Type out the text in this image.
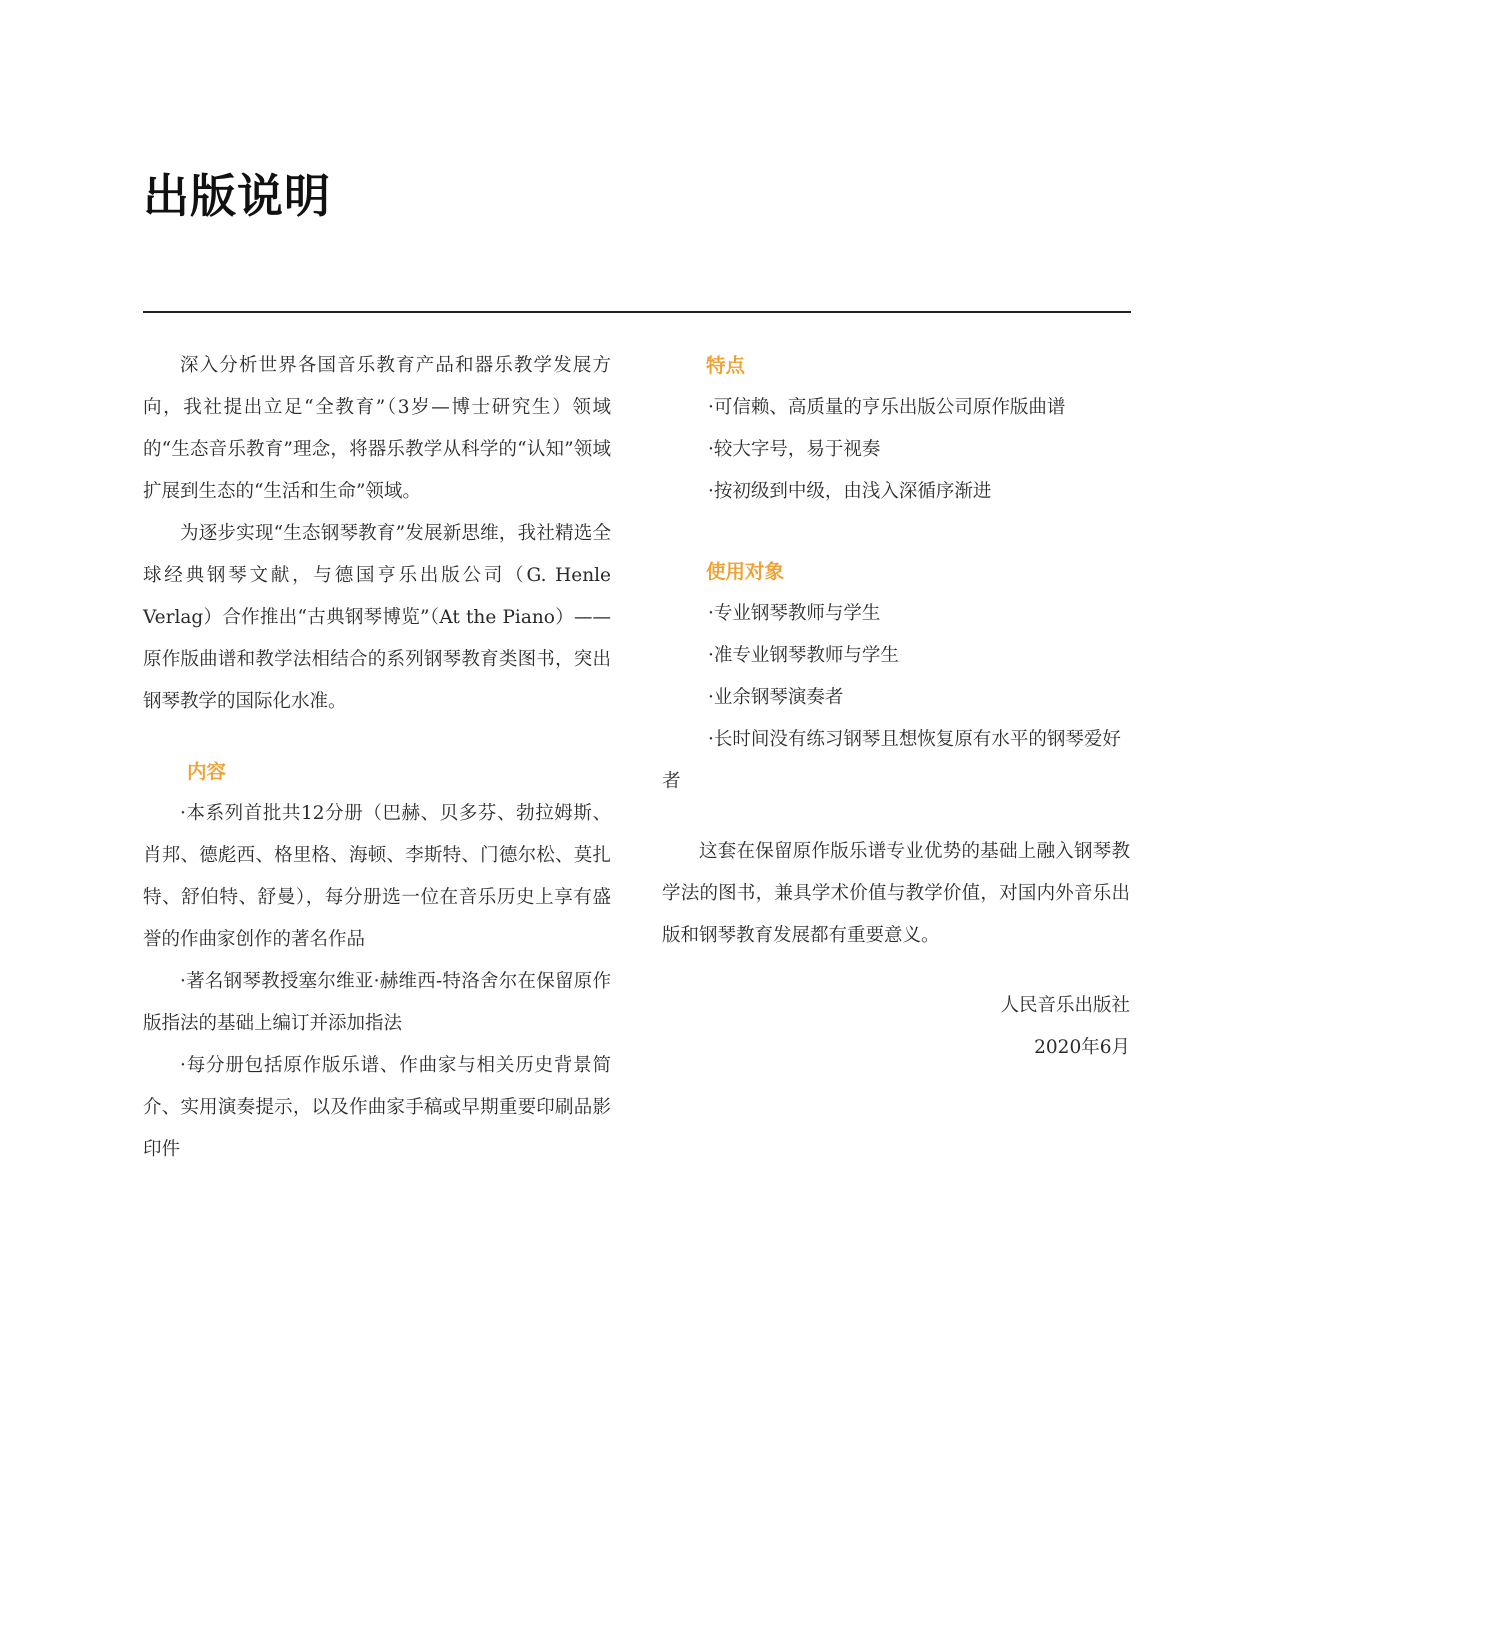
出版说明

深入分析世界各国音乐教育产品和器乐教学发展方向，我社提出立足“全教育”（3岁—博士研究生）领域的“生态音乐教育”理念，将器乐教学从科学的“认知”领域扩展到生态的“生活和生命”领域。

为逐步实现“生态钢琴教育”发展新思维，我社精选全球经典钢琴文献，与德国亨乐出版公司（G. Henle Verlag）合作推出“古典钢琴博览”（At the Piano）——原作版曲谱和教学法相结合的系列钢琴教育类图书，突出钢琴教学的国际化水准。

内容

·本系列首批共12分册（巴赫、贝多芬、勃拉姆斯、肖邦、德彪西、格里格、海顿、李斯特、门德尔松、莫扎特、舒伯特、舒曼），每分册选一位在音乐历史上享有盛誉的作曲家创作的著名作品

·著名钢琴教授塞尔维亚·赫维西-特洛舍尔在保留原作版指法的基础上编订并添加指法

·每分册包括原作版乐谱、作曲家与相关历史背景简介、实用演奏提示，以及作曲家手稿或早期重要印刷品影印件

特点

·可信赖、高质量的亨乐出版公司原作版曲谱

·较大字号，易于视奏

·按初级到中级，由浅入深循序渐进

使用对象

·专业钢琴教师与学生

·准专业钢琴教师与学生

·业余钢琴演奏者

·长时间没有练习钢琴且想恢复原有水平的钢琴爱好者

这套在保留原作版乐谱专业优势的基础上融入钢琴教学法的图书，兼具学术价值与教学价值，对国内外音乐出版和钢琴教育发展都有重要意义。

人民音乐出版社

2020年6月
